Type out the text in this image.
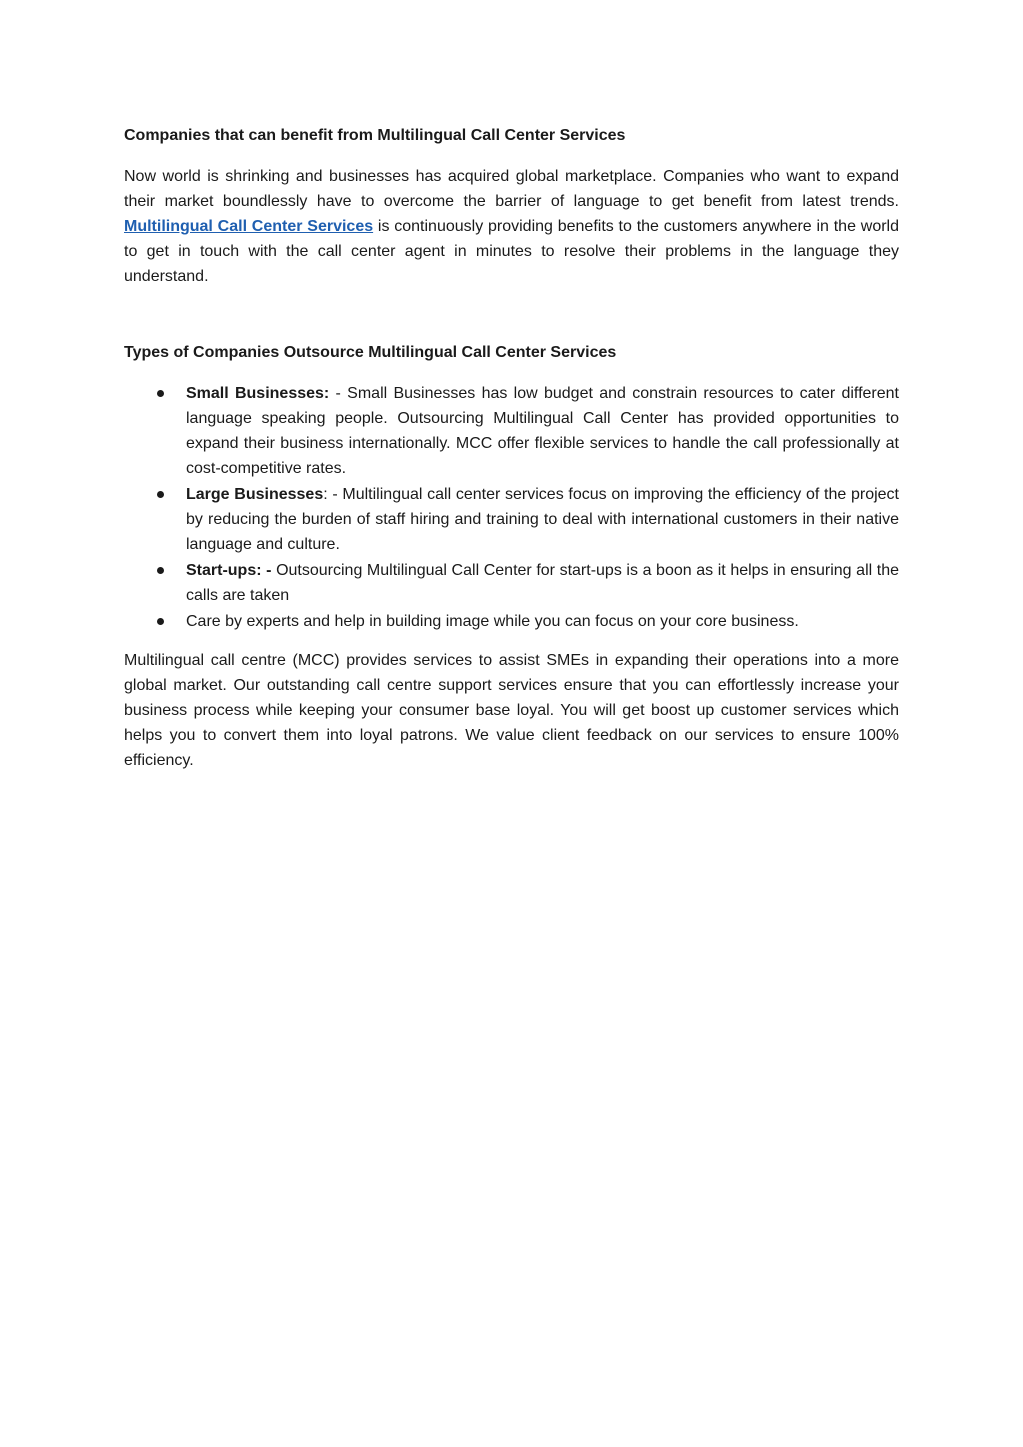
Companies that can benefit from Multilingual Call Center Services

Now world is shrinking and businesses has acquired global marketplace. Companies who want to expand their market boundlessly have to overcome the barrier of language to get benefit from latest trends. Multilingual Call Center Services is continuously providing benefits to the customers anywhere in the world to get in touch with the call center agent in minutes to resolve their problems in the language they understand.

Types of Companies Outsource Multilingual Call Center Services
Small Businesses: - Small Businesses has low budget and constrain resources to cater different language speaking people. Outsourcing Multilingual Call Center has provided opportunities to expand their business internationally. MCC offer flexible services to handle the call professionally at cost-competitive rates.
Large Businesses: - Multilingual call center services focus on improving the efficiency of the project by reducing the burden of staff hiring and training to deal with international customers in their native language and culture.
Start-ups: - Outsourcing Multilingual Call Center for start-ups is a boon as it helps in ensuring all the calls are taken
Care by experts and help in building image while you can focus on your core business.

Multilingual call centre (MCC) provides services to assist SMEs in expanding their operations into a more global market. Our outstanding call centre support services ensure that you can effortlessly increase your business process while keeping your consumer base loyal. You will get boost up customer services which helps you to convert them into loyal patrons. We value client feedback on our services to ensure 100% efficiency.
